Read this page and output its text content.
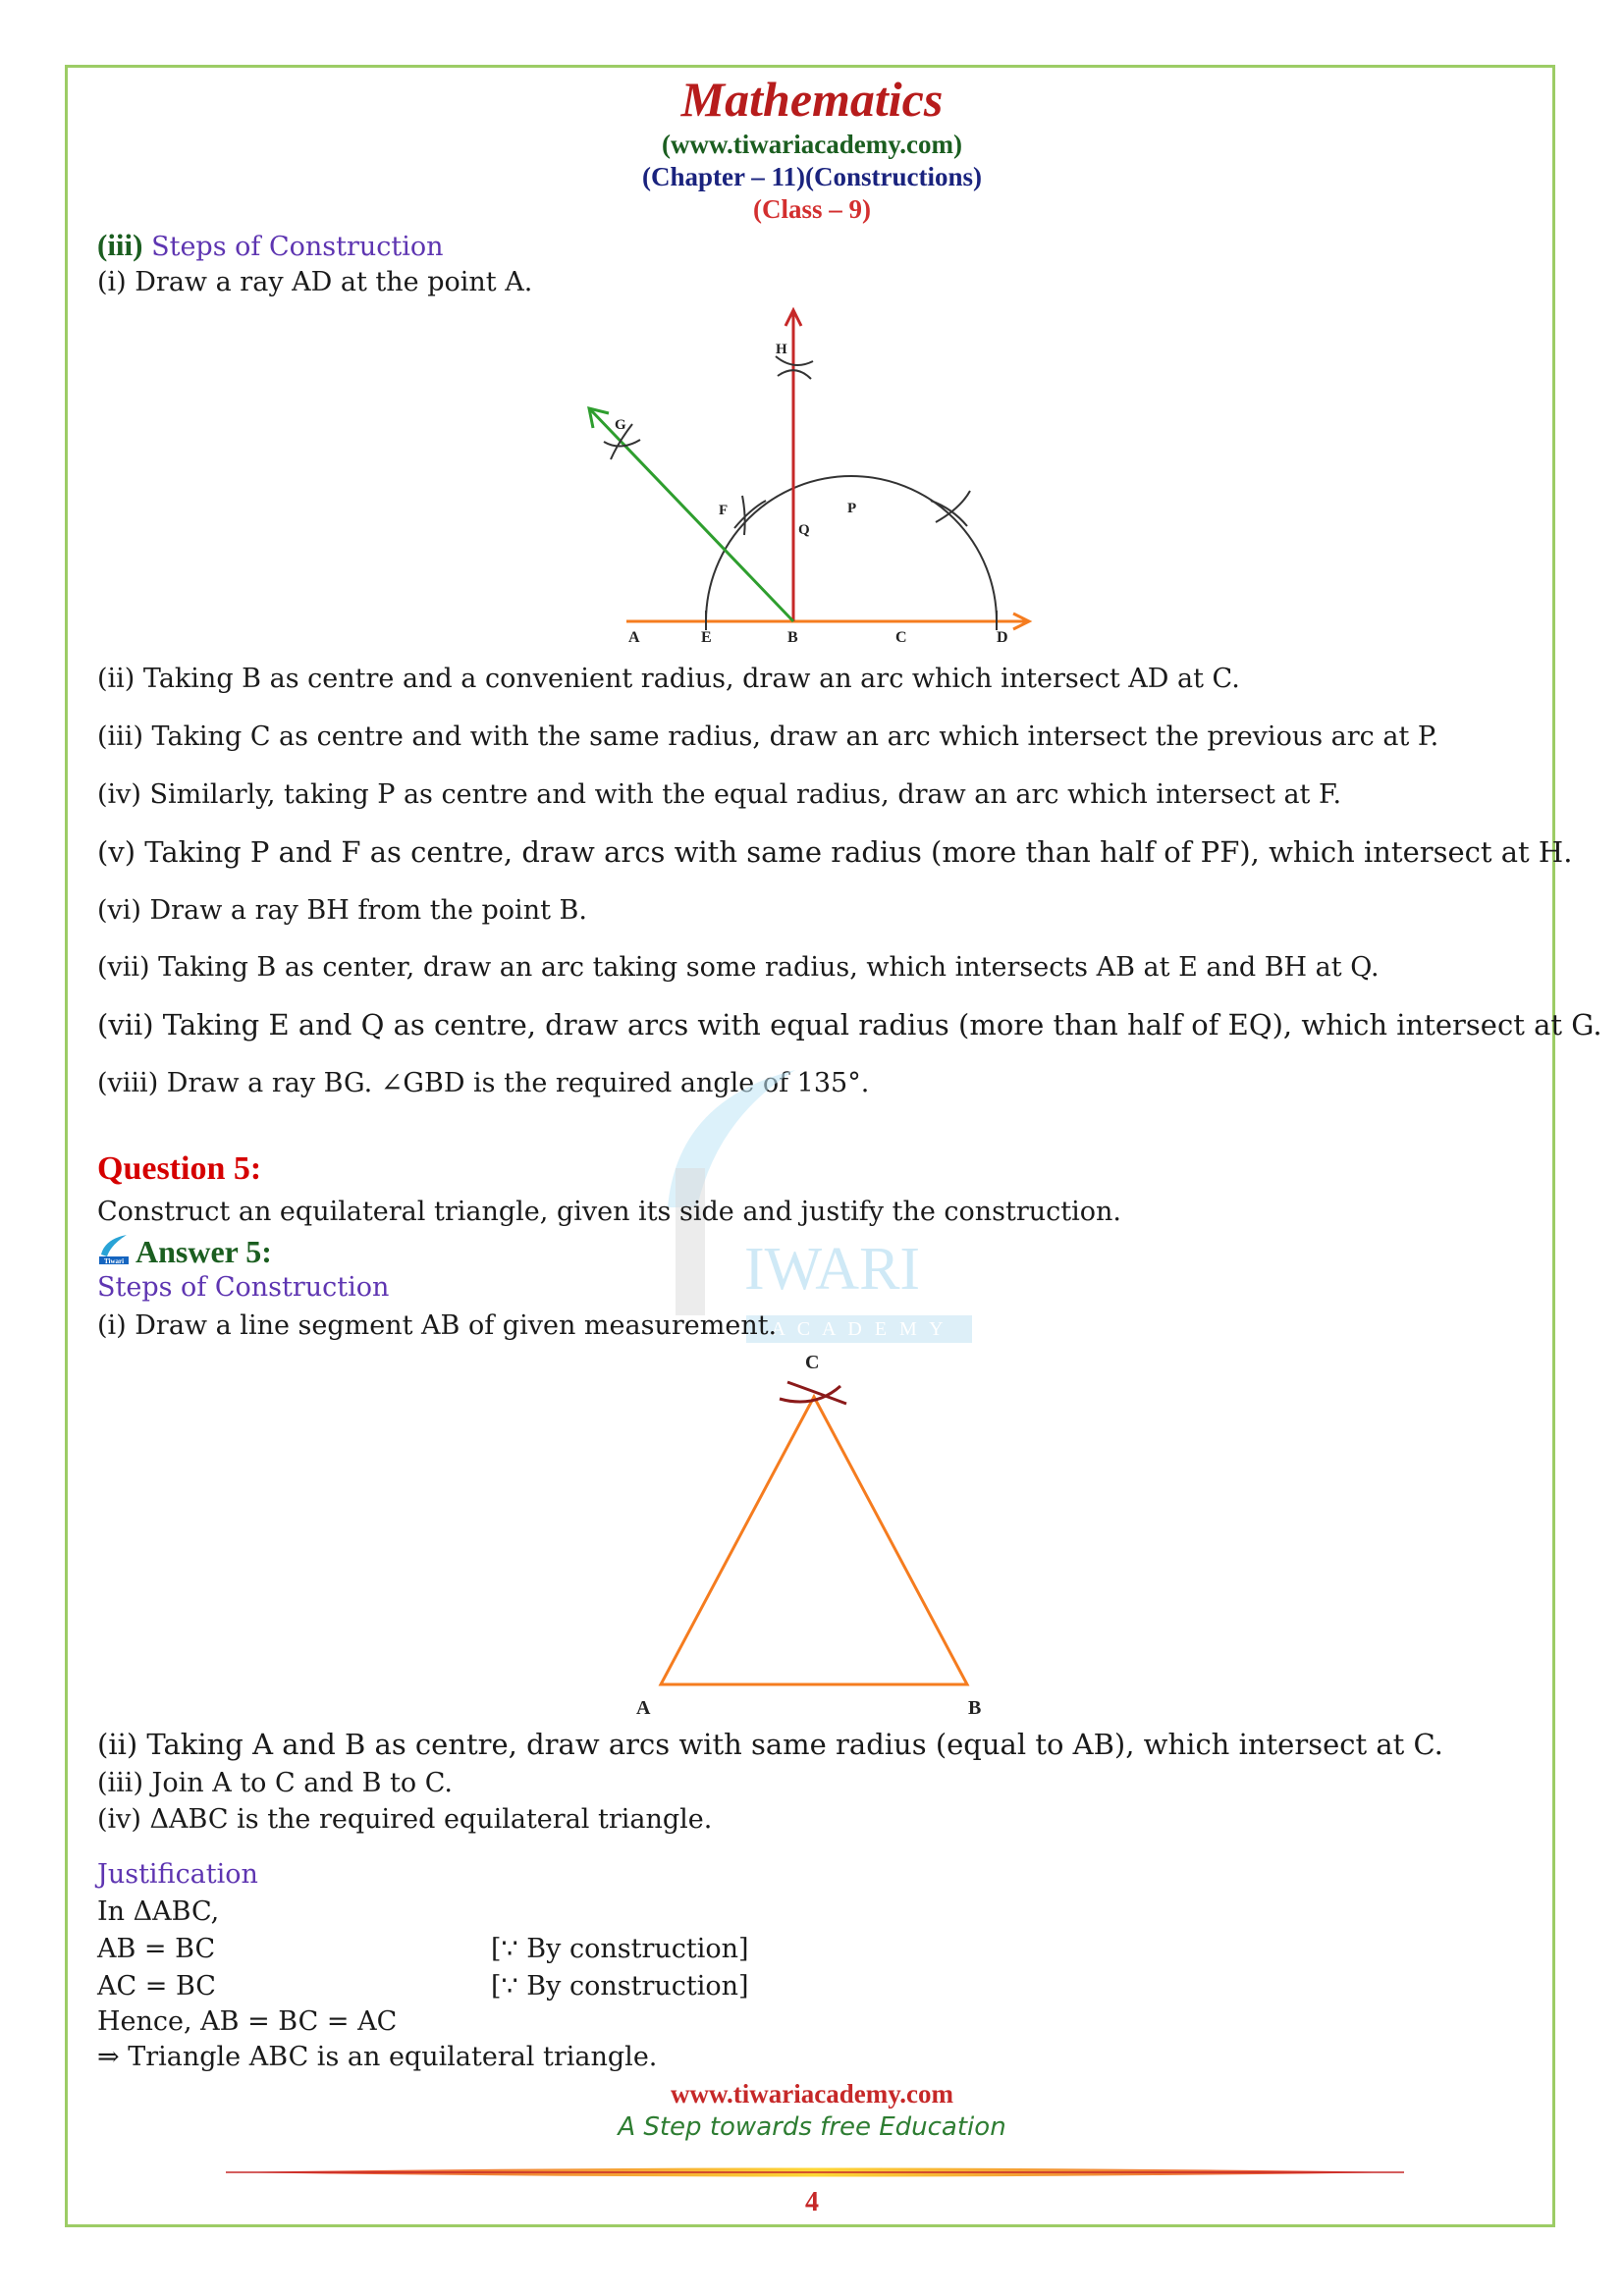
Mathematics
(www.tiwariacademy.com)
(Chapter – 11)(Constructions)
(Class – 9)
(iii) Steps of Construction
(i) Draw a ray AD at the point A.
A	E	B	C	D
F
Q
P
H
G
(ii) Taking B as centre and a convenient radius, draw an arc which intersect AD at C.
(iii) Taking C as centre and with the same radius, draw an arc which intersect the previous arc at P.
(iv) Similarly, taking P as centre and with the equal radius, draw an arc which intersect at F.
(v) Taking P and F as centre, draw arcs with same radius (more than half of PF), which intersect at H.
(vi) Draw a ray BH from the point B.
(vii) Taking B as center, draw an arc taking some radius, which intersects AB at E and BH at Q.
(vii) Taking E and Q as centre, draw arcs with equal radius (more than half of EQ), which intersect at G.
(viii) Draw a ray BG. ∠GBD is the required angle of 135°.
IWARI
A C A D E M Y
Question 5:
Construct an equilateral triangle, given its side and justify the construction.
Tiwari Answer 5:
Steps of Construction
(i) Draw a line segment AB of given measurement.
C
A	B
(ii) Taking A and B as centre, draw arcs with same radius (equal to AB), which intersect at C.
(iii) Join A to C and B to C.
(iv) ΔABC is the required equilateral triangle.
Justification
In ΔABC,
AB = BC	[∵ By construction]
AC = BC	[∵ By construction]
Hence, AB = BC = AC
⇒ Triangle ABC is an equilateral triangle.
www.tiwariacademy.com
A Step towards free Education
4
